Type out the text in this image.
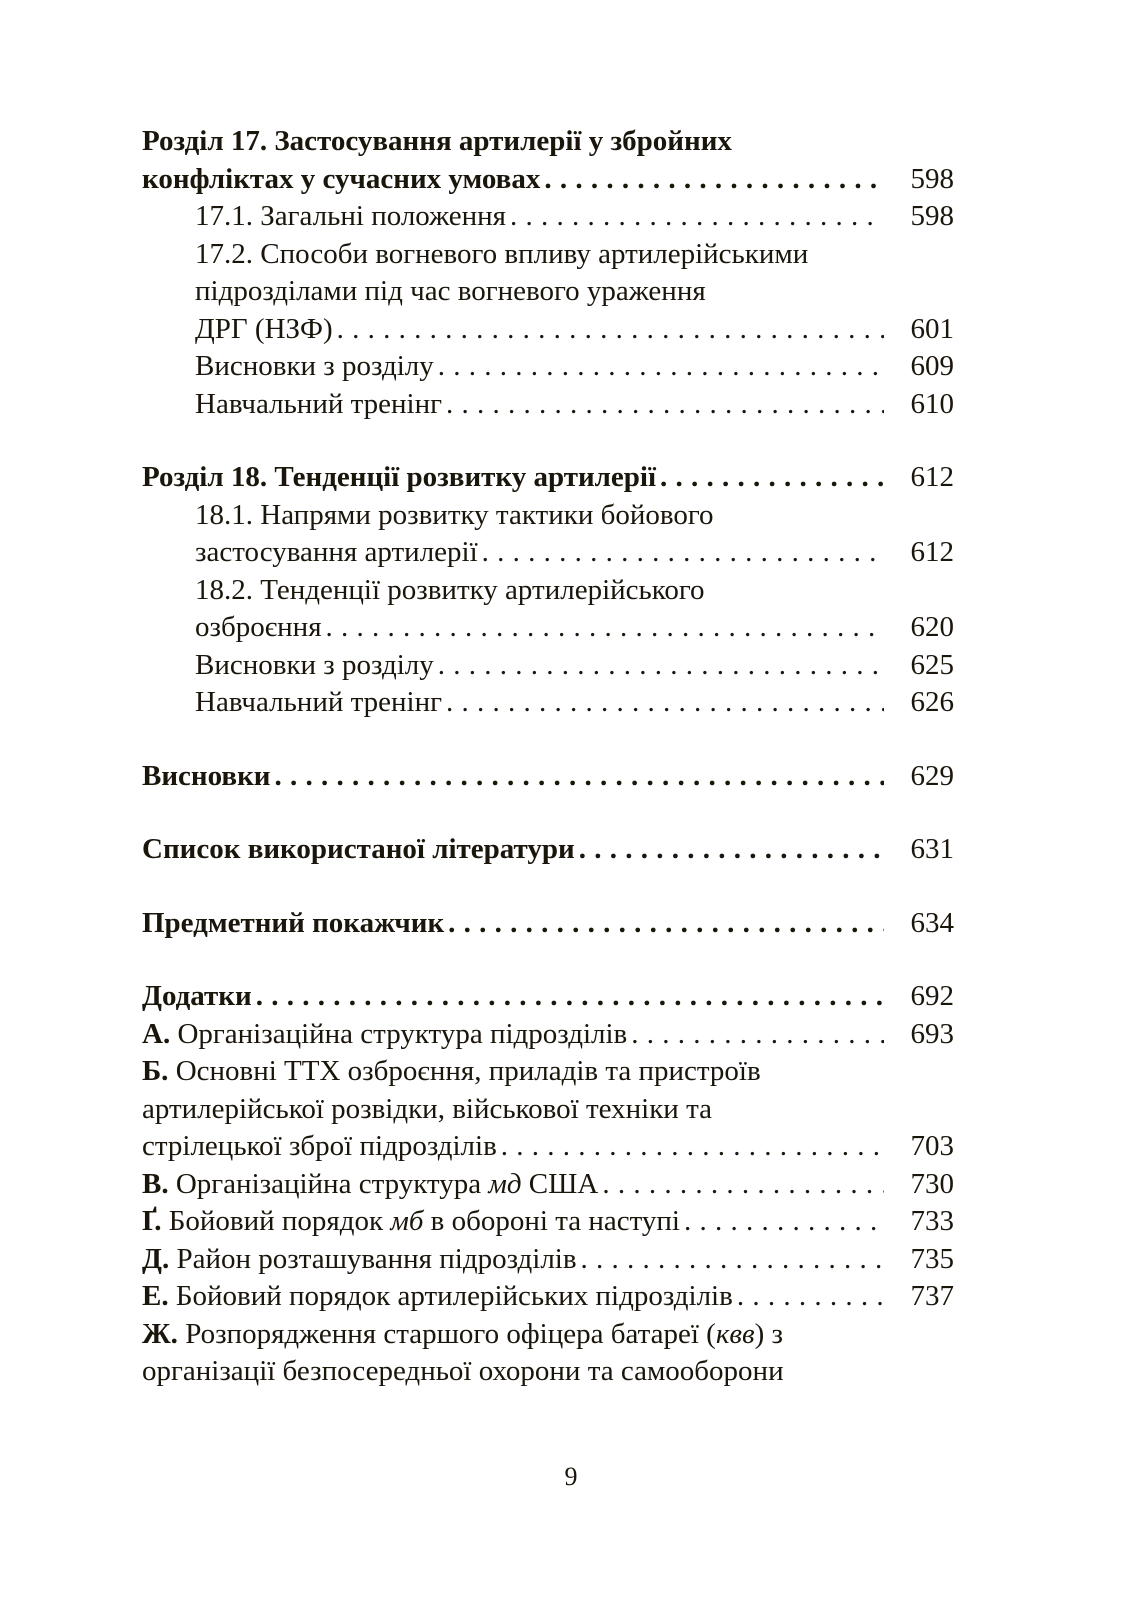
Розділ 17. Застосування артилерії у збройних
конфліктах у сучасних умовах . . .	598
17.1. Загальні положення . . .	598
17.2. Способи вогневого впливу артилерійськими
підрозділами під час вогневого ураження
ДРГ (НЗФ) . . .	601
Висновки з розділу . . .	609
Навчальний тренінг . . .	610
Розділ 18. Тенденції розвитку артилерії . . .	612
18.1. Напрями розвитку тактики бойового
застосування артилерії . . .	612
18.2. Тенденції розвитку артилерійського
озброєння . . .	620
Висновки з розділу . . .	625
Навчальний тренінг . . .	626
Висновки . . .	629
Список використаної літератури . . .	631
Предметний покажчик . . .	634
Додатки . . .	692
А. Організаційна структура підрозділів . . .	693
Б. Основні ТТХ озброєння, приладів та пристроїв
артилерійської розвідки, військової техніки та
стрілецької зброї підрозділів . . .	703
В. Організаційна структура мд США . . .	730
Ґ. Бойовий порядок мб в обороні та наступі . . .	733
Д. Район розташування підрозділів . . .	735
Е. Бойовий порядок артилерійських підрозділів . . .	737
Ж. Розпорядження старшого офіцера батареї (квв) з
організації безпосередньої охорони та самооборони
9
